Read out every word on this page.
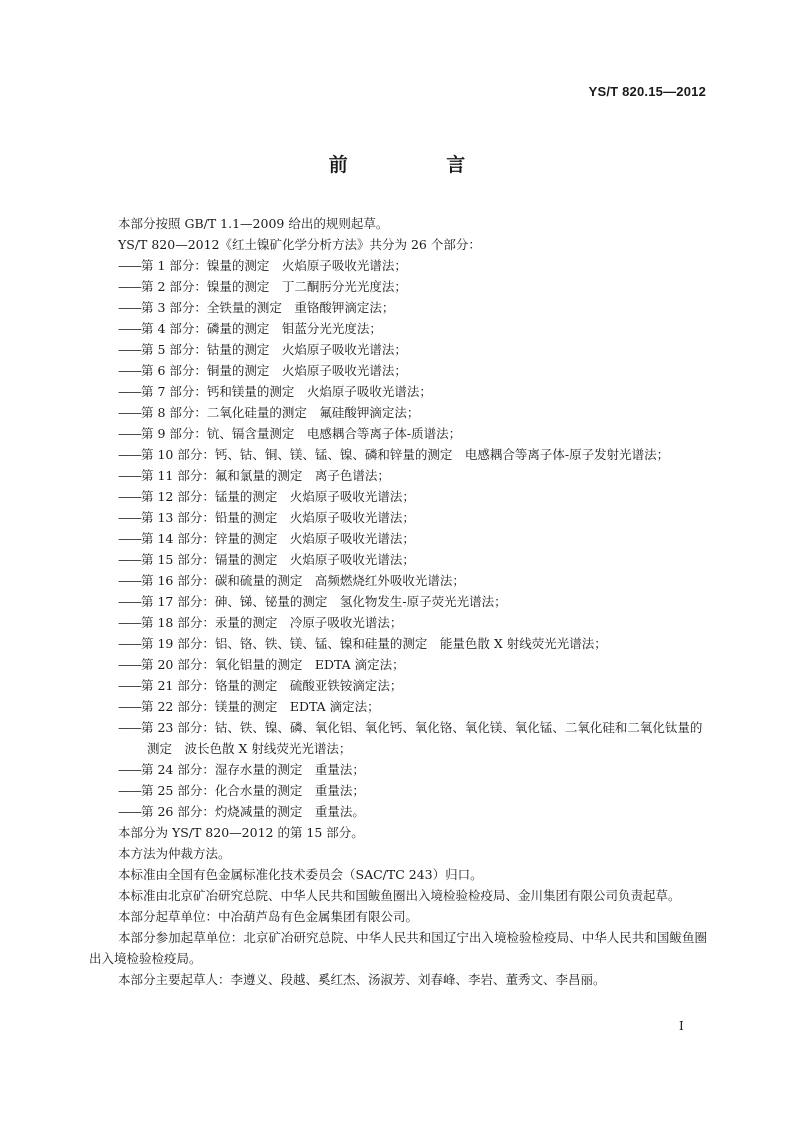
YS/T 820.15—2012
前 言

本部分按照 GB/T 1.1—2009 给出的规则起草。

YS/T 820—2012《红土镍矿化学分析方法》共分为 26 个部分：

——第 1 部分：镍量的测定　火焰原子吸收光谱法；

——第 2 部分：镍量的测定　丁二酮肟分光光度法；

——第 3 部分：全铁量的测定　重铬酸钾滴定法；

——第 4 部分：磷量的测定　钼蓝分光光度法；

——第 5 部分：钴量的测定　火焰原子吸收光谱法；

——第 6 部分：铜量的测定　火焰原子吸收光谱法；

——第 7 部分：钙和镁量的测定　火焰原子吸收光谱法；

——第 8 部分：二氧化硅量的测定　氟硅酸钾滴定法；

——第 9 部分：钪、镉含量测定　电感耦合等离子体-质谱法；

——第 10 部分：钙、钴、铜、镁、锰、镍、磷和锌量的测定　电感耦合等离子体-原子发射光谱法；

——第 11 部分：氟和氯量的测定　离子色谱法；

——第 12 部分：锰量的测定　火焰原子吸收光谱法；

——第 13 部分：铅量的测定　火焰原子吸收光谱法；

——第 14 部分：锌量的测定　火焰原子吸收光谱法；

——第 15 部分：镉量的测定　火焰原子吸收光谱法；

——第 16 部分：碳和硫量的测定　高频燃烧红外吸收光谱法；

——第 17 部分：砷、锑、铋量的测定　氢化物发生-原子荧光光谱法；

——第 18 部分：汞量的测定　冷原子吸收光谱法；

——第 19 部分：铝、铬、铁、镁、锰、镍和硅量的测定　能量色散 X 射线荧光光谱法；

——第 20 部分：氧化铝量的测定　EDTA 滴定法；

——第 21 部分：铬量的测定　硫酸亚铁铵滴定法；

——第 22 部分：镁量的测定　EDTA 滴定法；

——第 23 部分：钴、铁、镍、磷、氧化铝、氧化钙、氧化铬、氧化镁、氧化锰、二氧化硅和二氧化钛量的测定　波长色散 X 射线荧光光谱法；

——第 24 部分：湿存水量的测定　重量法；

——第 25 部分：化合水量的测定　重量法；

——第 26 部分：灼烧减量的测定　重量法。

本部分为 YS/T 820—2012 的第 15 部分。

本方法为仲裁方法。

本标准由全国有色金属标准化技术委员会（SAC/TC 243）归口。

本标准由北京矿冶研究总院、中华人民共和国鲅鱼圈出入境检验检疫局、金川集团有限公司负责起草。

本部分起草单位：中冶葫芦岛有色金属集团有限公司。

本部分参加起草单位：北京矿冶研究总院、中华人民共和国辽宁出入境检验检疫局、中华人民共和国鲅鱼圈出入境检验检疫局。

本部分主要起草人：李遵义、段越、奚红杰、汤淑芳、刘春峰、李岩、董秀文、李昌丽。

I
